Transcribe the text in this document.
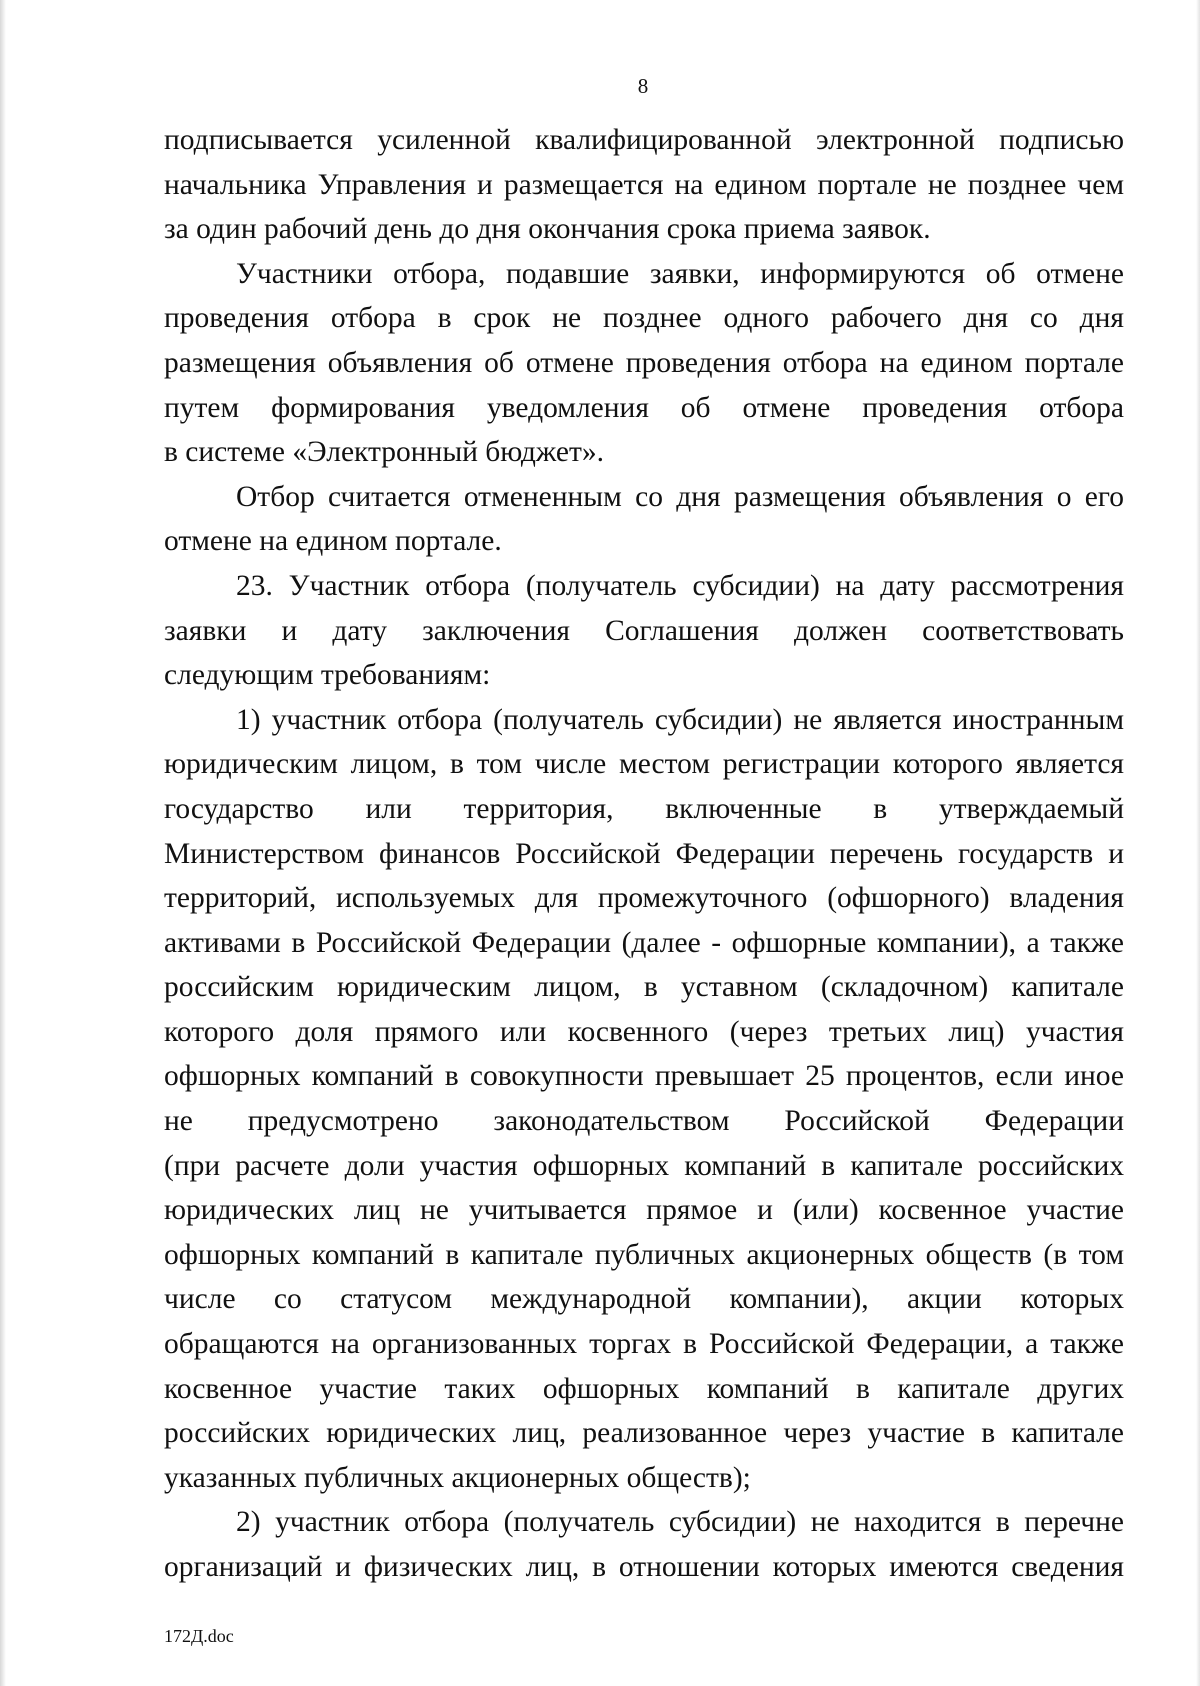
8
подписывается усиленной квалифицированной электронной подписью
начальника Управления и размещается на едином портале не позднее чем
за один рабочий день до дня окончания срока приема заявок.
Участники отбора, подавшие заявки, информируются об отмене
проведения отбора в срок не позднее одного рабочего дня со дня
размещения объявления об отмене проведения отбора на едином портале
путем формирования уведомления об отмене проведения отбора
в системе «Электронный бюджет».
Отбор считается отмененным со дня размещения объявления о его
отмене на едином портале.
23. Участник отбора (получатель субсидии) на дату рассмотрения
заявки и дату заключения Соглашения должен соответствовать
следующим требованиям:
1) участник отбора (получатель субсидии) не является иностранным
юридическим лицом, в том числе местом регистрации которого является
государство или территория, включенные в утверждаемый
Министерством финансов Российской Федерации перечень государств и
территорий, используемых для промежуточного (офшорного) владения
активами в Российской Федерации (далее - офшорные компании), а также
российским юридическим лицом, в уставном (складочном) капитале
которого доля прямого или косвенного (через третьих лиц) участия
офшорных компаний в совокупности превышает 25 процентов, если иное
не предусмотрено законодательством Российской Федерации
(при расчете доли участия офшорных компаний в капитале российских
юридических лиц не учитывается прямое и (или) косвенное участие
офшорных компаний в капитале публичных акционерных обществ (в том
числе со статусом международной компании), акции которых
обращаются на организованных торгах в Российской Федерации, а также
косвенное участие таких офшорных компаний в капитале других
российских юридических лиц, реализованное через участие в капитале
указанных публичных акционерных обществ);
2) участник отбора (получатель субсидии) не находится в перечне
организаций и физических лиц, в отношении которых имеются сведения
172Д.doc
